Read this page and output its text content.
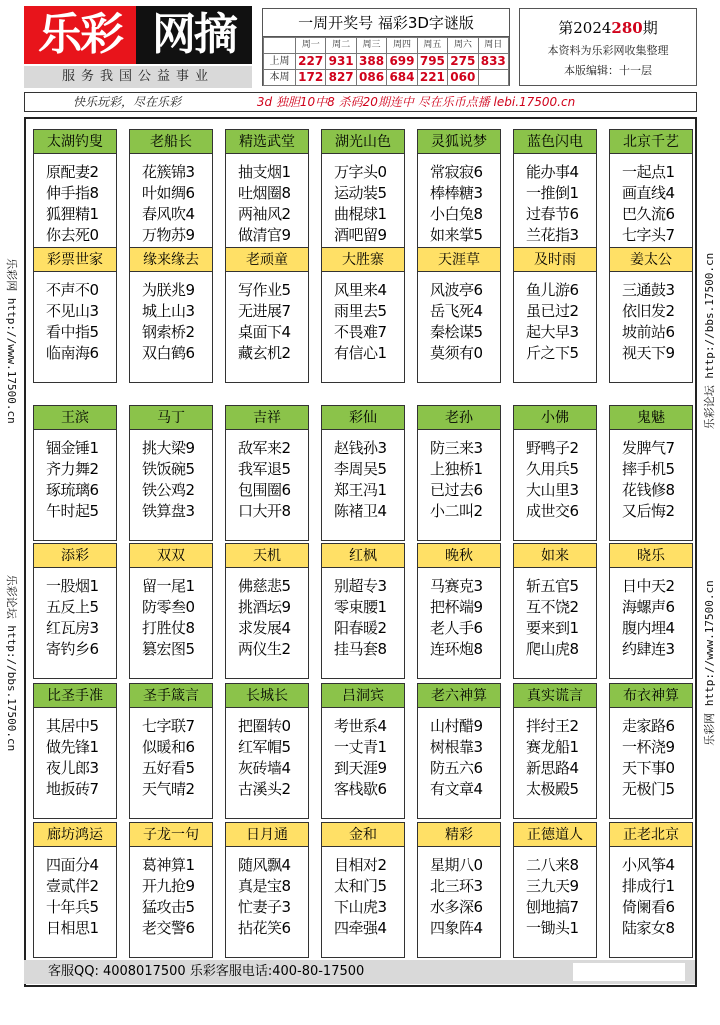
乐彩 网摘
服务我国公益事业
一周开奖号 福彩3D字谜版
	周一	周二	周三	周四	周五	周六	周日
上周	227	931	388	699	795	275	833
本周	172	827	086	684	221	060	
第2024280期
本资料为乐彩网收集整理
本版编辑：十一层
快乐玩彩，尽在乐彩	3d 独胆10中8 杀码20期连中 尽在乐币点播 lebi.17500.cn
太湖钓叟
原配妻2
伸手指8
狐狸精1
你去死0
老船长
花簇锦3
叶如绸6
春风吹4
万物苏9
精选武堂
抽支烟1
吐烟圈8
两袖风2
做清官9
湖光山色
万字头0
运动装5
曲棍球1
酒吧留9
灵狐说梦
常寂寂6
棒棒糖3
小白兔8
如来掌5
蓝色闪电
能办事4
一推倒1
过春节6
兰花指3
北京千艺
一起点1
画直线4
巴久流6
七字头7
彩票世家
不声不0
不见山3
看中指5
临南海6
缘来缘去
为朕兆9
城上山3
钢索桥2
双白鹤6
老顽童
写作业5
无进展7
桌面下4
藏玄机2
大胜寨
风里来4
雨里去5
不畏难7
有信心1
天涯草
风波亭6
岳飞死4
秦桧谋5
莫须有0
及时雨
鱼儿游6
虽已过2
起大早3
斤之下5
姜太公
三通鼓3
依旧发2
坡前站6
视天下9
王滨
锢金锤1
齐力舞2
琢琉璃6
午时起5
马丁
挑大梁9
铁饭碗5
铁公鸡2
铁算盘3
吉祥
敌军来2
我军退5
包围圈6
口大开8
彩仙
赵钱孙3
李周吴5
郑王冯1
陈褚卫4
老孙
防三来3
上独桥1
已过去6
小二叫2
小佛
野鸭子2
久用兵5
大山里3
成世交6
鬼魅
发脾气7
摔手机5
花钱修8
又后悔2
添彩
一股烟1
五反上5
红瓦房3
寄钓乡6
双双
留一尾1
防零叁0
打胜仗8
篡宏图5
天机
佛慈悲5
挑酒坛9
求发展4
两仪生2
红枫
别超专3
零束腰1
阳春暖2
挂马套8
晚秋
马赛克3
把杯端9
老人手6
连环炮8
如来
斩五官5
互不饶2
要来到1
爬山虎8
晓乐
日中天2
海螺声6
腹内埋4
约肆连3
比圣手准
其居中5
做先锋1
夜儿郎3
地扳砖7
圣手箴言
七字联7
似暖和6
五好看5
天气晴2
长城长
把圈转0
红军帽5
灰砖墙4
古溪头2
吕洞宾
考世系4
一丈青1
到天涯9
客栈歇6
老六神算
山村醋9
树根靠3
防五六6
有文章4
真实谎言
拌纣王2
赛龙船1
新思路4
太极殿5
布衣神算
走家路6
一杯浇9
天下事0
无极门5
廊坊鸿运
四面分4
壹贰伴2
十年兵5
日相思1
子龙一句
葛神算1
开九抢9
猛攻击5
老交警6
日月通
随风飘4
真是宝8
忙妻子3
拈花笑6
金和
目相对2
太和门5
下山虎3
四牵强4
精彩
星期八0
北三环3
水多深6
四象阵4
正德道人
二八来8
三九天9
刨地搞7
一锄头1
正老北京
小风筝4
排成行1
倚阑看6
陆家女8
乐彩网 http://www.17500.cn
乐彩论坛 http://bbs.17500.cn
乐彩论坛 http://bbs.17500.cn
乐彩网 http://www.17500.cn
客服QQ: 4008017500 乐彩客服电话:400-80-17500
